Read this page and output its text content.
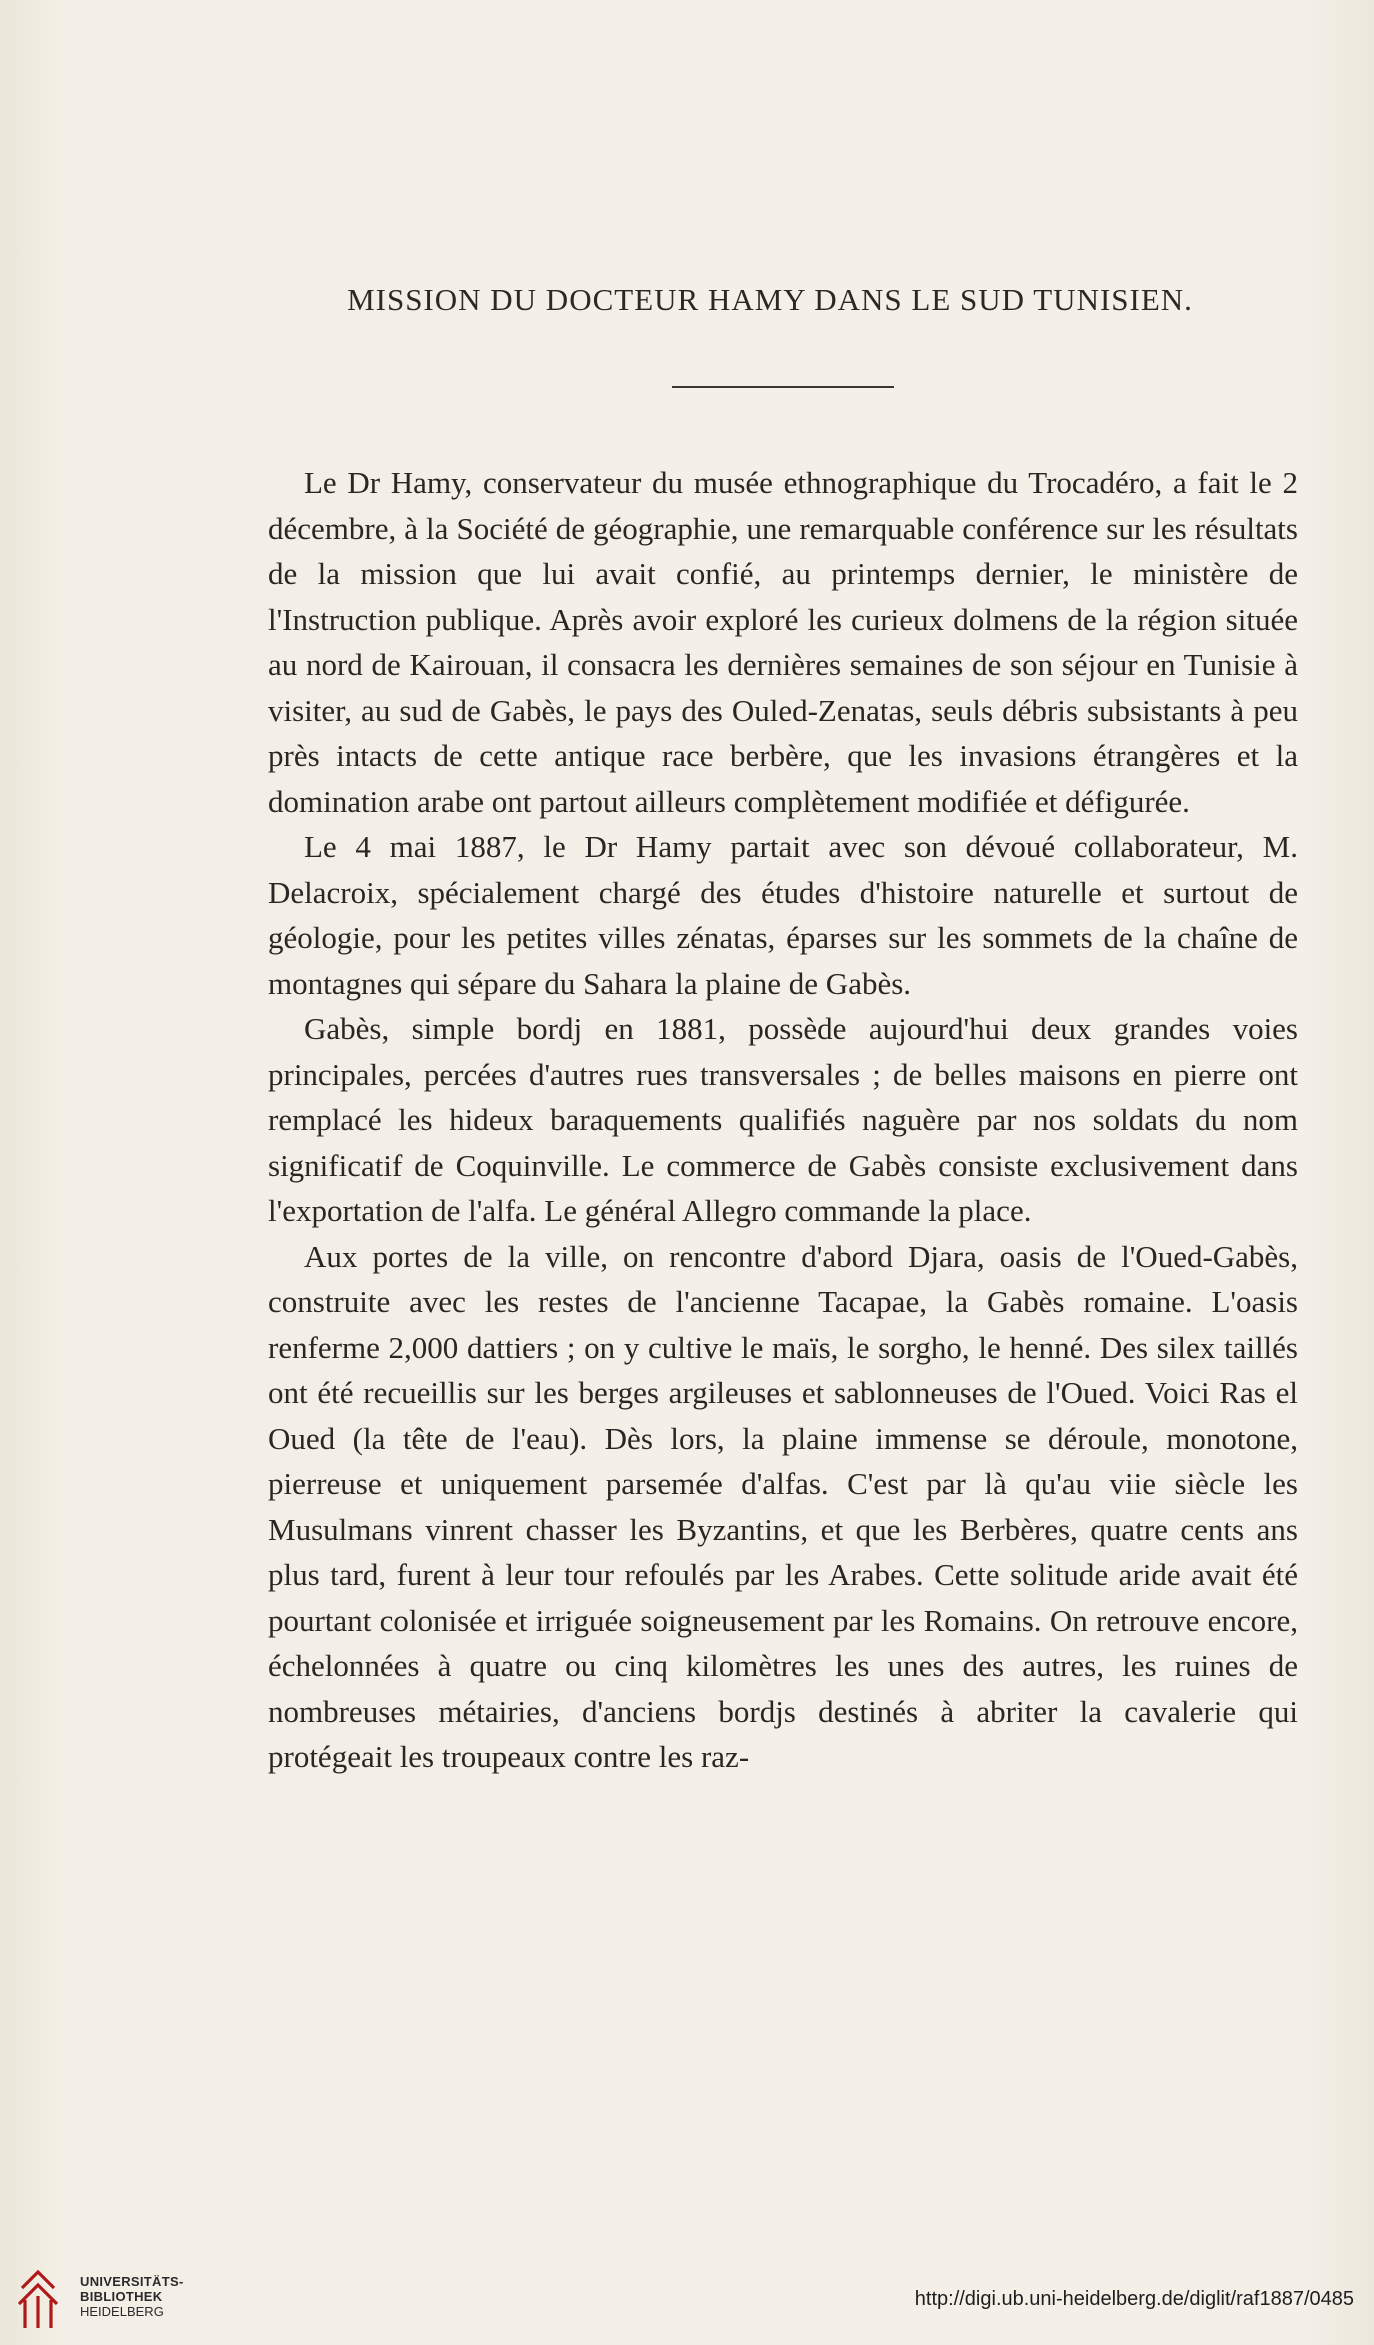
MISSION DU DOCTEUR HAMY DANS LE SUD TUNISIEN.

Le Dr Hamy, conservateur du musée ethnographique du Trocadéro, a fait le 2 décembre, à la Société de géographie, une remarquable conférence sur les résultats de la mission que lui avait confié, au printemps dernier, le ministère de l'Instruction publique. Après avoir exploré les curieux dolmens de la région située au nord de Kairouan, il consacra les dernières semaines de son séjour en Tunisie à visiter, au sud de Gabès, le pays des Ouled-Zenatas, seuls débris subsistants à peu près intacts de cette antique race berbère, que les invasions étrangères et la domination arabe ont partout ailleurs complètement modifiée et défigurée.

Le 4 mai 1887, le Dr Hamy partait avec son dévoué collaborateur, M. Delacroix, spécialement chargé des études d'histoire naturelle et surtout de géologie, pour les petites villes zénatas, éparses sur les sommets de la chaîne de montagnes qui sépare du Sahara la plaine de Gabès.

Gabès, simple bordj en 1881, possède aujourd'hui deux grandes voies principales, percées d'autres rues transversales ; de belles maisons en pierre ont remplacé les hideux baraquements qualifiés naguère par nos soldats du nom significatif de Coquinville. Le commerce de Gabès consiste exclusivement dans l'exportation de l'alfa. Le général Allegro commande la place.

Aux portes de la ville, on rencontre d'abord Djara, oasis de l'Oued-Gabès, construite avec les restes de l'ancienne Tacapae, la Gabès romaine. L'oasis renferme 2,000 dattiers ; on y cultive le maïs, le sorgho, le henné. Des silex taillés ont été recueillis sur les berges argileuses et sablonneuses de l'Oued. Voici Ras el Oued (la tête de l'eau). Dès lors, la plaine immense se déroule, monotone, pierreuse et uniquement parsemée d'alfas. C'est par là qu'au viie siècle les Musulmans vinrent chasser les Byzantins, et que les Berbères, quatre cents ans plus tard, furent à leur tour refoulés par les Arabes. Cette solitude aride avait été pourtant colonisée et irriguée soigneusement par les Romains. On retrouve encore, échelonnées à quatre ou cinq kilomètres les unes des autres, les ruines de nombreuses métairies, d'anciens bordjs destinés à abriter la cavalerie qui protégeait les troupeaux contre les raz-

UNIVERSITÄTS-
BIBLIOTHEK
HEIDELBERG
http://digi.ub.uni-heidelberg.de/diglit/raf1887/0485
